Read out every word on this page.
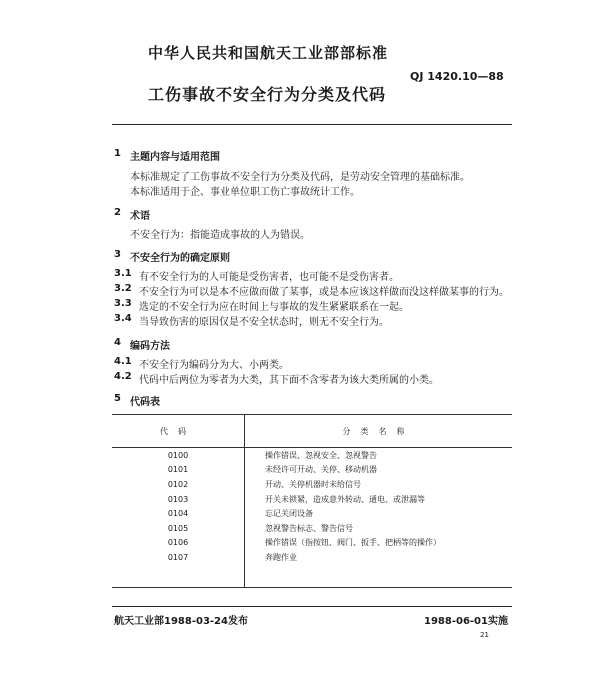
中华人民共和国航天工业部部标准
工伤事故不安全行为分类及代码
QJ 1420.10—88
1 主题内容与适用范围
本标准规定了工伤事故不安全行为分类及代码，是劳动安全管理的基础标准。
本标准适用于企、事业单位职工伤亡事故统计工作。
2 术语
不安全行为：指能造成事故的人为错误。
3 不安全行为的确定原则
3.1 有不安全行为的人可能是受伤害者，也可能不是受伤害者。
3.2 不安全行为可以是本不应做而做了某事，或是本应该这样做而没这样做某事的行为。
3.3 选定的不安全行为应在时间上与事故的发生紧紧联系在一起。
3.4 当导致伤害的原因仅是不安全状态时，则无不安全行为。
4 编码方法
4.1 不安全行为编码分为大、小两类。
4.2 代码中后两位为零者为大类，其下面不含零者为该大类所属的小类。
5 代码表
代码	分类名称
0100	操作错误、忽视安全、忽视警告
0101	未经许可开动、关停、移动机器
0102	开动、关停机器时未给信号
0103	开关未锁紧，造成意外转动、通电、或泄漏等
0104	忘记关闭设备
0105	忽视警告标志、警告信号
0106	操作错误（指按钮、阀门、扳手、把柄等的操作）
0107	奔跑作业

航天工业部1988-03-24发布	1988-06-01实施
21
